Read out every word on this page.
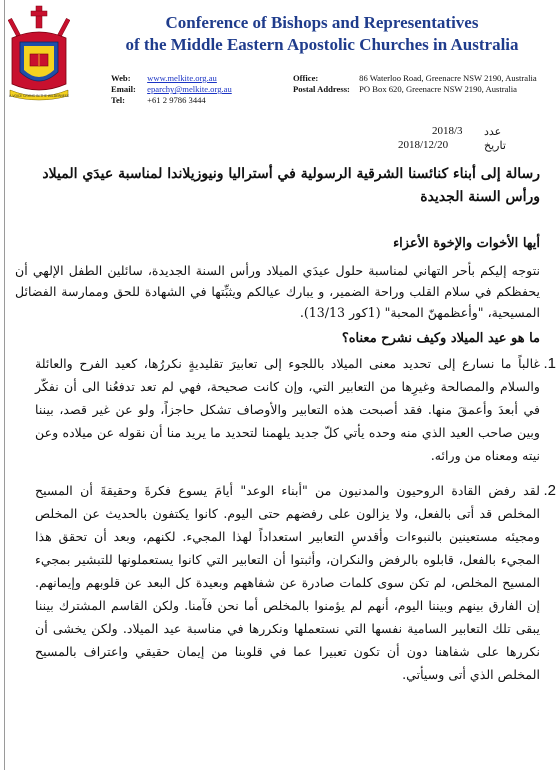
A VOICE CRYING IN THE WILDERNESS
Conference of Bishops and Representatives
of the Middle Eastern Apostolic Churches in Australia
Web: www.melkite.org.au
Email: eparchy@melkite.org.au
Tel:	+61 2 9786 3444
Office:	86 Waterloo Road, Greenacre NSW 2190, Australia
Postal Address: PO Box 620, Greenacre NSW 2190, Australia
2018/3 عدد
2018/12/20	تاريخ
رسالة إلى أبناء كنائسنا الشرقية الرسولية في أستراليا ونيوزيلاندا لمناسبة عيدَي الميلاد ورأس السنة الجديدة
أيها الأخوات والإخوة الأعزاء
نتوجه إليكم بأحر التهاني لمناسبة حلول عيدَي الميلاد ورأس السنة الجديدة، سائلين الطفل الإلهي أن يحفظكم في سلام القلب وراحة الضمير، و يبارك عيالكم ويثبِّتها في الشهادة للحق وممارسة الفضائل المسيحية، "وأعظمهنّ المحبة" (1كور 13/13).
ما هو عيد الميلاد وكيف نشرح معناه؟
1.
غالباً ما نسارع إلى تحديد معنى الميلاد باللجوء إلى تعابيرَ تقليديةٍ نكررُها، كعيد الفرح والعائلة والسلام والمصالحة وغيرِها من التعابير التي، وإن كانت صحيحة، فهي لم تعد تدفعُنا الى أن نفكّر في أبعدَ وأعمقَ منها. فقد أصبحت هذه التعابير والأوصاف تشكل حاجزاً، ولو عن غير قصد، بيننا وبين صاحب العيد الذي منه وحده يأتي كلّ جديد يلهمنا لتحديد ما يريد منا أن نقوله عن ميلاده وعن نيته ومعناه من ورائه.
2.
لقد رفض القادة الروحيون والمدنيون من "أبناء الوعد" أيامَ يسوع فكرةَ وحقيقةَ أن المسيح المخلص قد أتى بالفعل، ولا يزالون على رفضهم حتى اليوم. كانوا يكتفون بالحديث عن المخلص ومجيئه مستعينين بالنبوءات وأقدسِ التعابير استعداداً لهذا المجيء. لكنهم، وبعد أن تحقق هذا المجيء بالفعل، قابلوه بالرفض والنكران، وأثبتوا أن التعابير التي كانوا يستعملونها للتبشير بمجيء المسيح المخلص، لم تكن سوى كلمات صادرة عن شفاههم وبعيدة كل البعد عن قلوبهم وإيمانهم. إن الفارق بينهم وبيننا اليوم، أنهم لم يؤمنوا بالمخلص أما نحن فآمنا. ولكن القاسم المشترك بيننا يبقى تلك التعابير السامية نفسها التي نستعملها ونكررها في مناسبة عيد الميلاد. ولكن يخشى أن نكررها على شفاهنا دون أن تكون تعبيرا عما في قلوبنا من إيمان حقيقي واعتراف بالمسيح المخلص الذي أتى وسيأتي.
